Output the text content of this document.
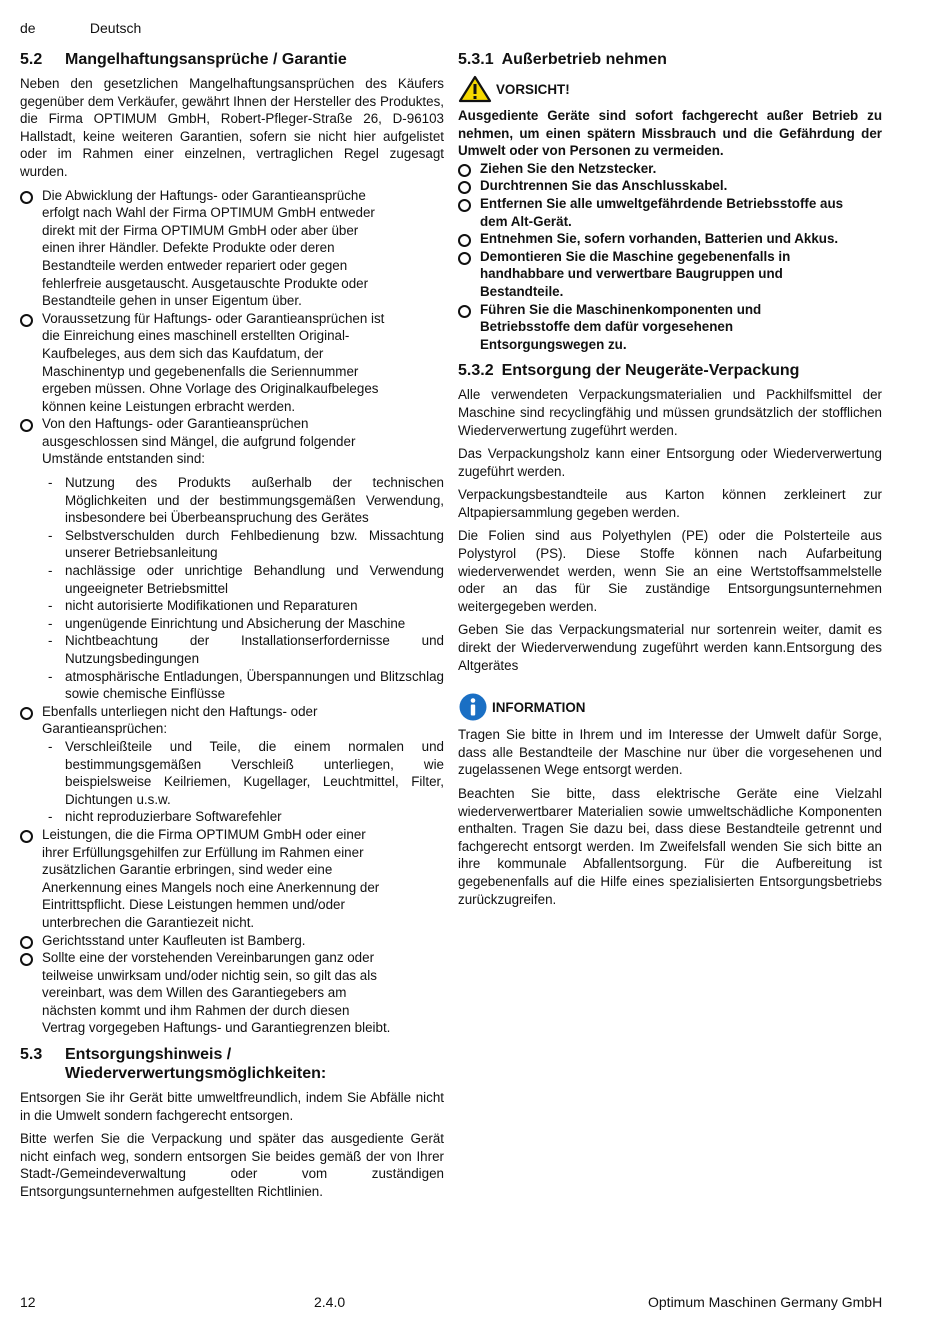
de	Deutsch
5.2	Mangelhaftungsansprüche / Garantie

Neben den gesetzlichen Mangelhaftungsansprüchen des Käufers gegenüber dem Verkäufer, gewährt Ihnen der Hersteller des Produktes, die Firma OPTIMUM GmbH, Robert-Pfleger-Straße 26, D-96103 Hallstadt, keine weiteren Garantien, sofern sie nicht hier aufgelistet oder im Rahmen einer einzelnen, vertraglichen Regel zugesagt wurden.

Die Abwicklung der Haftungs- oder Garantieansprüche erfolgt nach Wahl der Firma OPTIMUM GmbH entweder direkt mit der Firma OPTIMUM GmbH oder aber über einen ihrer Händler. Defekte Produkte oder deren Bestandteile werden entweder repariert oder gegen fehlerfreie ausgetauscht. Ausgetauschte Produkte oder Bestandteile gehen in unser Eigentum über.
Voraussetzung für Haftungs- oder Garantieansprüchen ist die Einreichung eines maschinell erstellten Original-Kaufbeleges, aus dem sich das Kaufdatum, der Maschinentyp und gegebenenfalls die Seriennummer ergeben müssen. Ohne Vorlage des Originalkaufbeleges können keine Leistungen erbracht werden.
Von den Haftungs- oder Garantieansprüchen ausgeschlossen sind Mängel, die aufgrund folgender Umstände entstanden sind:
- Nutzung des Produkts außerhalb der technischen Möglichkeiten und der bestimmungsgemäßen Verwendung, insbesondere bei Überbeanspruchung des Gerätes
- Selbstverschulden durch Fehlbedienung bzw. Missachtung unserer Betriebsanleitung
- nachlässige oder unrichtige Behandlung und Verwendung ungeeigneter Betriebsmittel
- nicht autorisierte Modifikationen und Reparaturen
- ungenügende Einrichtung und Absicherung der Maschine
- Nichtbeachtung der Installationserfordernisse und Nutzungsbedingungen
- atmosphärische Entladungen, Überspannungen und Blitzschlag sowie chemische Einflüsse
Ebenfalls unterliegen nicht den Haftungs- oder Garantieansprüchen:
- Verschleißteile und Teile, die einem normalen und bestimmungsgemäßen Verschleiß unterliegen, wie beispielsweise Keilriemen, Kugellager, Leuchtmittel, Filter, Dichtungen u.s.w.
- nicht reproduzierbare Softwarefehler
Leistungen, die die Firma OPTIMUM GmbH oder einer ihrer Erfüllungsgehilfen zur Erfüllung im Rahmen einer zusätzlichen Garantie erbringen, sind weder eine Anerkennung eines Mangels noch eine Anerkennung der Eintrittspflicht. Diese Leistungen hemmen und/oder unterbrechen die Garantiezeit nicht.
Gerichtsstand unter Kaufleuten ist Bamberg.
Sollte eine der vorstehenden Vereinbarungen ganz oder teilweise unwirksam und/oder nichtig sein, so gilt das als vereinbart, was dem Willen des Garantiegebers am nächsten kommt und ihm Rahmen der durch diesen Vertrag vorgegeben Haftungs- und Garantiegrenzen bleibt.
5.3	Entsorgungshinweis / Wiederverwertungsmöglichkeiten:

Entsorgen Sie ihr Gerät bitte umweltfreundlich, indem Sie Abfälle nicht in die Umwelt sondern fachgerecht entsorgen.

Bitte werfen Sie die Verpackung und später das ausgediente Gerät nicht einfach weg, sondern entsorgen Sie beides gemäß der von Ihrer Stadt-/Gemeindeverwaltung oder vom zuständigen Entsorgungsunternehmen aufgestellten Richtlinien.

5.3.1 Außerbetrieb nehmen
VORSICHT!

Ausgediente Geräte sind sofort fachgerecht außer Betrieb zu nehmen, um einen spätern Missbrauch und die Gefährdung der Umwelt oder von Personen zu vermeiden.

Ziehen Sie den Netzstecker.
Durchtrennen Sie das Anschlusskabel.
Entfernen Sie alle umweltgefährdende Betriebsstoffe aus dem Alt-Gerät.
Entnehmen Sie, sofern vorhanden, Batterien und Akkus.
Demontieren Sie die Maschine gegebenenfalls in handhabbare und verwertbare Baugruppen und Bestandteile.
Führen Sie die Maschinenkomponenten und Betriebsstoffe dem dafür vorgesehenen Entsorgungswegen zu.
5.3.2 Entsorgung der Neugeräte-Verpackung

Alle verwendeten Verpackungsmaterialien und Packhilfsmittel der Maschine sind recyclingfähig und müssen grundsätzlich der stofflichen Wiederverwertung zugeführt werden.

Das Verpackungsholz kann einer Entsorgung oder Wiederverwertung zugeführt werden.

Verpackungsbestandteile aus Karton können zerkleinert zur Altpapiersammlung gegeben werden.

Die Folien sind aus Polyethylen (PE) oder die Polsterteile aus Polystyrol (PS). Diese Stoffe können nach Aufarbeitung wiederverwendet werden, wenn Sie an eine Wertstoffsammelstelle oder an das für Sie zuständige Entsorgungsunternehmen weitergegeben werden.

Geben Sie das Verpackungsmaterial nur sortenrein weiter, damit es direkt der Wiederverwendung zugeführt werden kann.Entsorgung des Altgerätes

INFORMATION

Tragen Sie bitte in Ihrem und im Interesse der Umwelt dafür Sorge, dass alle Bestandteile der Maschine nur über die vorgesehenen und zugelassenen Wege entsorgt werden.

Beachten Sie bitte, dass elektrische Geräte eine Vielzahl wiederverwertbarer Materialien sowie umweltschädliche Komponenten enthalten. Tragen Sie dazu bei, dass diese Bestandteile getrennt und fachgerecht entsorgt werden. Im Zweifelsfall wenden Sie sich bitte an ihre kommunale Abfallentsorgung. Für die Aufbereitung ist gegebenenfalls auf die Hilfe eines spezialisierten Entsorgungsbetriebs zurückzugreifen.

12	2.4.0	Optimum Maschinen Germany GmbH
